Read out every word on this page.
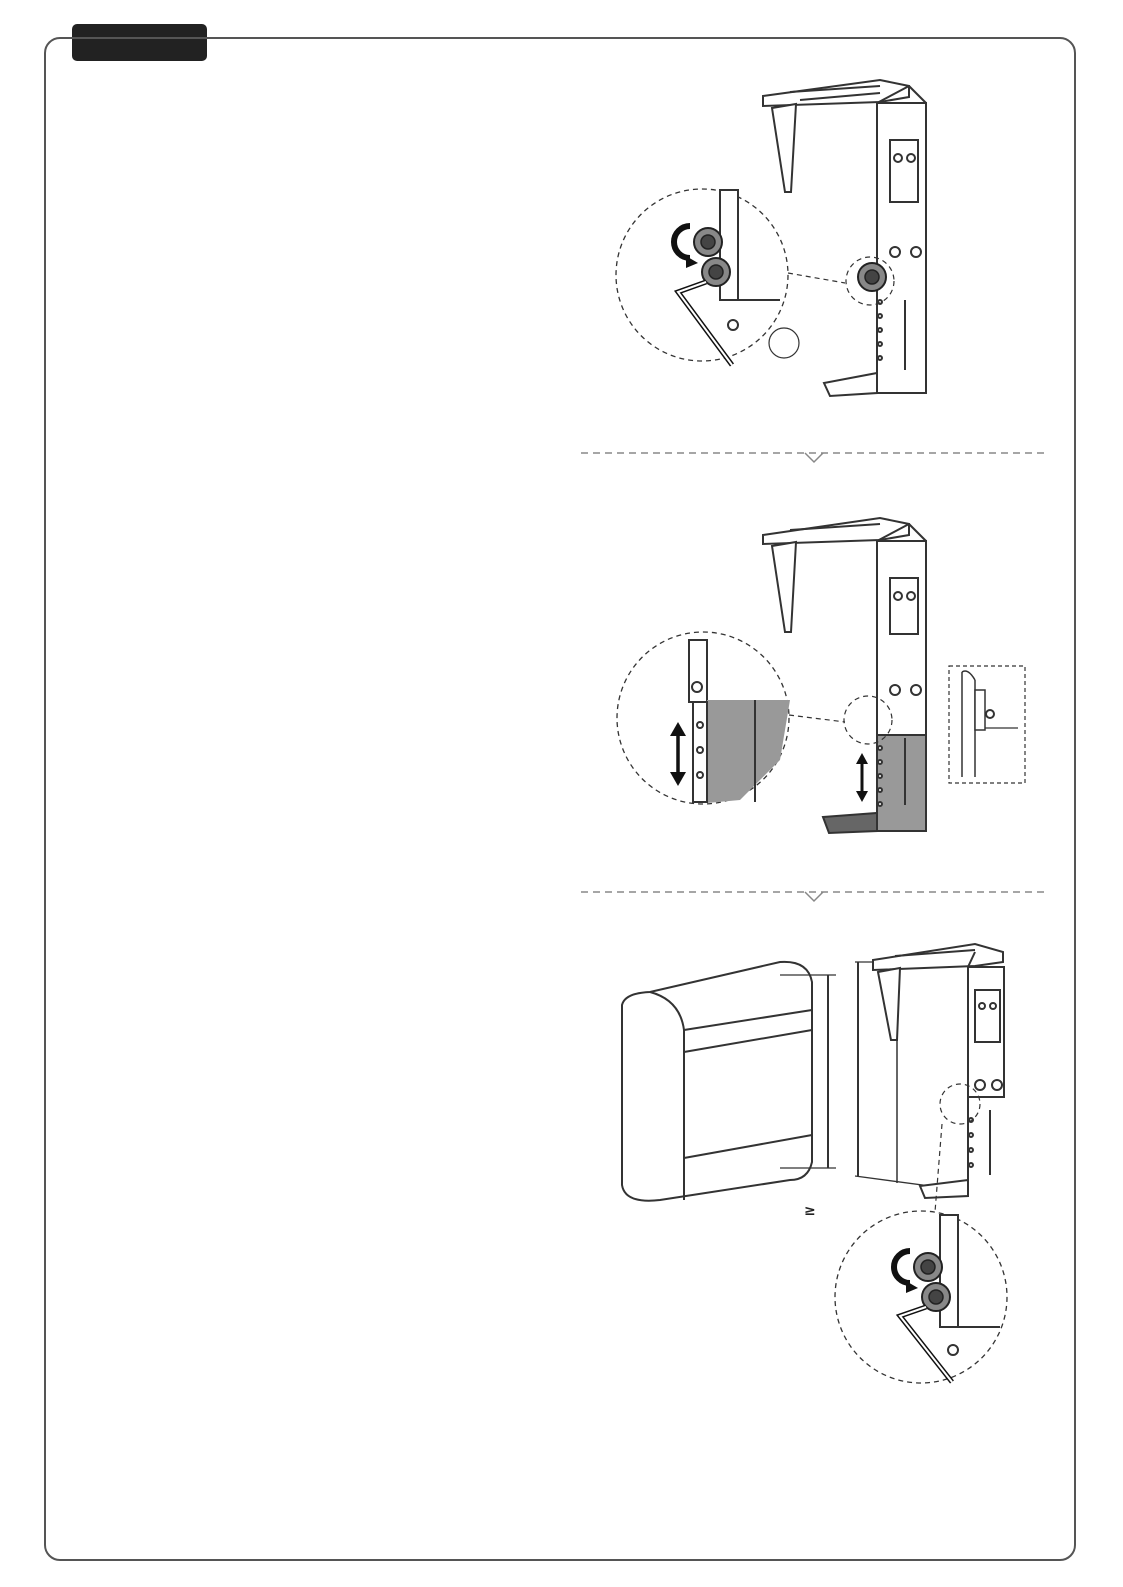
≥
